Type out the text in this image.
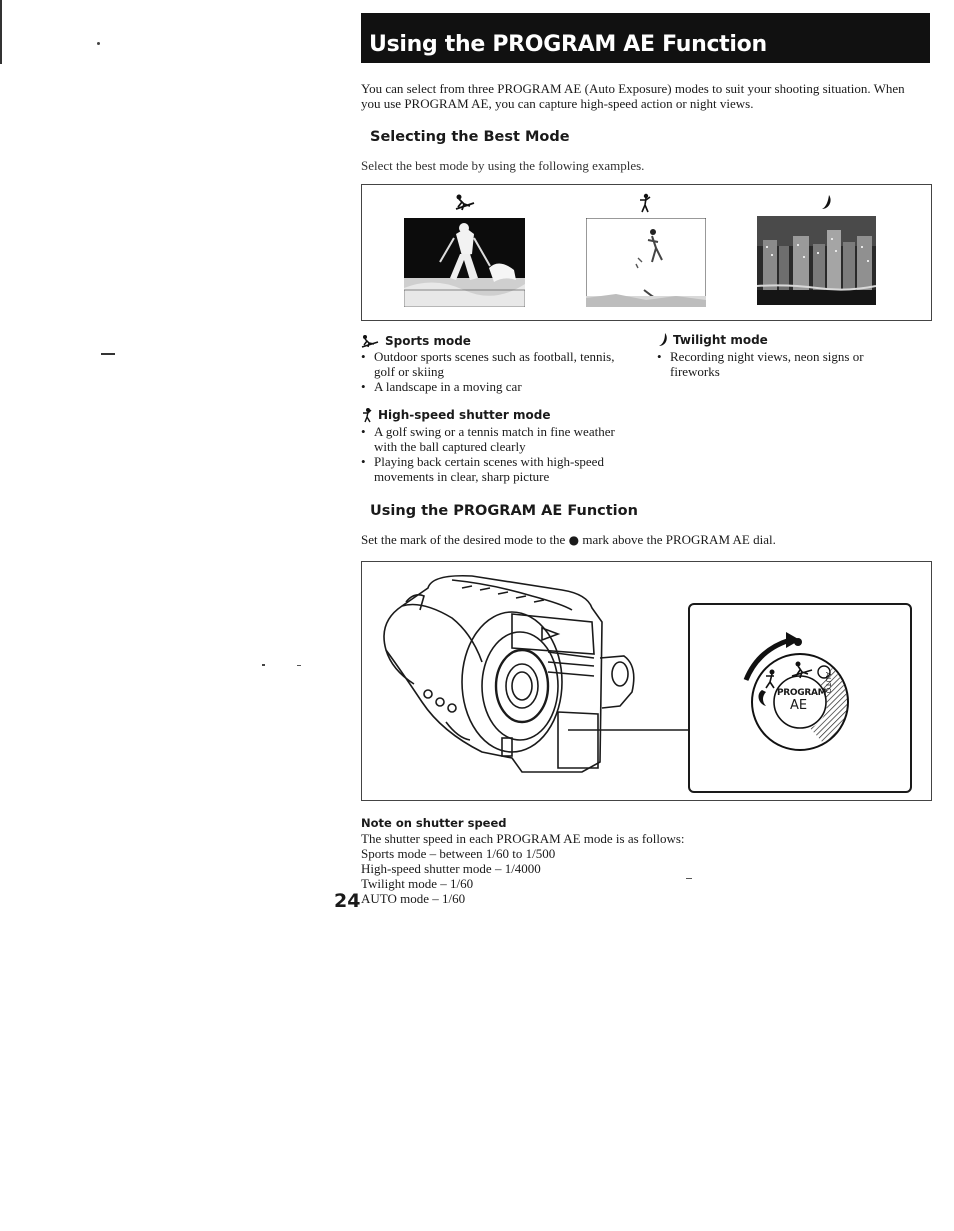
Using the PROGRAM AE Function
You can select from three PROGRAM AE (Auto Exposure) modes to suit your shooting situation. When you use PROGRAM AE, you can capture high-speed action or night views.
Selecting the Best Mode
Select the best mode by using the following examples.
Sports mode
• Outdoor sports scenes such as football, tennis, golf or skiing
• A landscape in a moving car
High-speed shutter mode
• A golf swing or a tennis match in fine weather with the ball captured clearly
• Playing back certain scenes with high-speed movements in clear, sharp picture
Twilight mode
• Recording night views, neon signs or fireworks
Using the PROGRAM AE Function
Set the mark of the desired mode to the ● mark above the PROGRAM AE dial.
PROGRAM
AE
AUTO
Note on shutter speed
The shutter speed in each PROGRAM AE mode is as follows:
Sports mode – between 1/60 to 1/500
High-speed shutter mode – 1/4000
Twilight mode – 1/60
AUTO mode – 1/60
24
